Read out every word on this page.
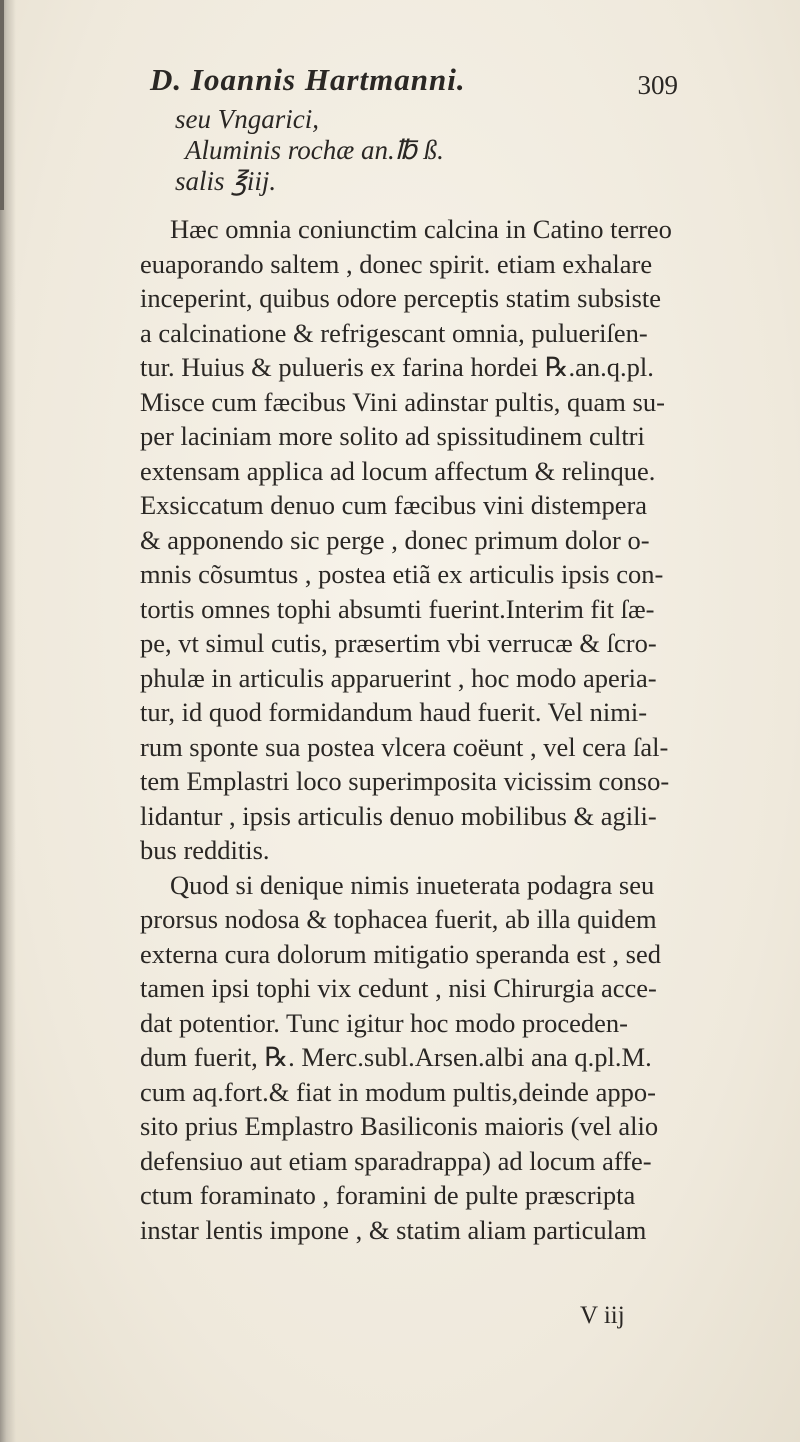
D. Ioannis Hartmanni.	309
seu Vngarici,
Aluminis rochæ an.℔ ß.
salis ℥iij.
Hæc omnia coniunctim calcina in Catino terreo
euaporando saltem , donec spirit. etiam exhalare
inceperint, quibus odore perceptis statim subsiste
a calcinatione & refrigescant omnia, pulueriſen-
tur. Huius & pulueris ex farina hordei ℞.an.q.pl.
Misce cum fæcibus Vini adinstar pultis, quam su-
per laciniam more solito ad spissitudinem cultri
extensam applica ad locum affectum & relinque.
Exsiccatum denuo cum fæcibus vini distempera
& apponendo sic perge , donec primum dolor o-
mnis cõsumtus , postea etiã ex articulis ipsis con-
tortis omnes tophi absumti fuerint.Interim fit ſæ-
pe, vt simul cutis, præsertim vbi verrucæ & ſcro-
phulæ in articulis apparuerint , hoc modo aperia-
tur, id quod formidandum haud fuerit. Vel nimi-
rum sponte sua postea vlcera coëunt , vel cera ſal-
tem Emplastri loco superimposita vicissim conso-
lidantur , ipsis articulis denuo mobilibus & agili-
bus redditis.
Quod si denique nimis inueterata podagra seu
prorsus nodosa & tophacea fuerit, ab illa quidem
externa cura dolorum mitigatio speranda est , sed
tamen ipsi tophi vix cedunt , nisi Chirurgia acce-
dat potentior. Tunc igitur hoc modo proceden-
dum fuerit, ℞. Merc.subl.Arsen.albi ana q.pl.M.
cum aq.fort.& fiat in modum pultis,deinde appo-
sito prius Emplastro Basiliconis maioris (vel alio
defensiuo aut etiam sparadrappa) ad locum affe-
ctum foraminato , foramini de pulte præscripta
instar lentis impone , & statim aliam particulam
V iij
